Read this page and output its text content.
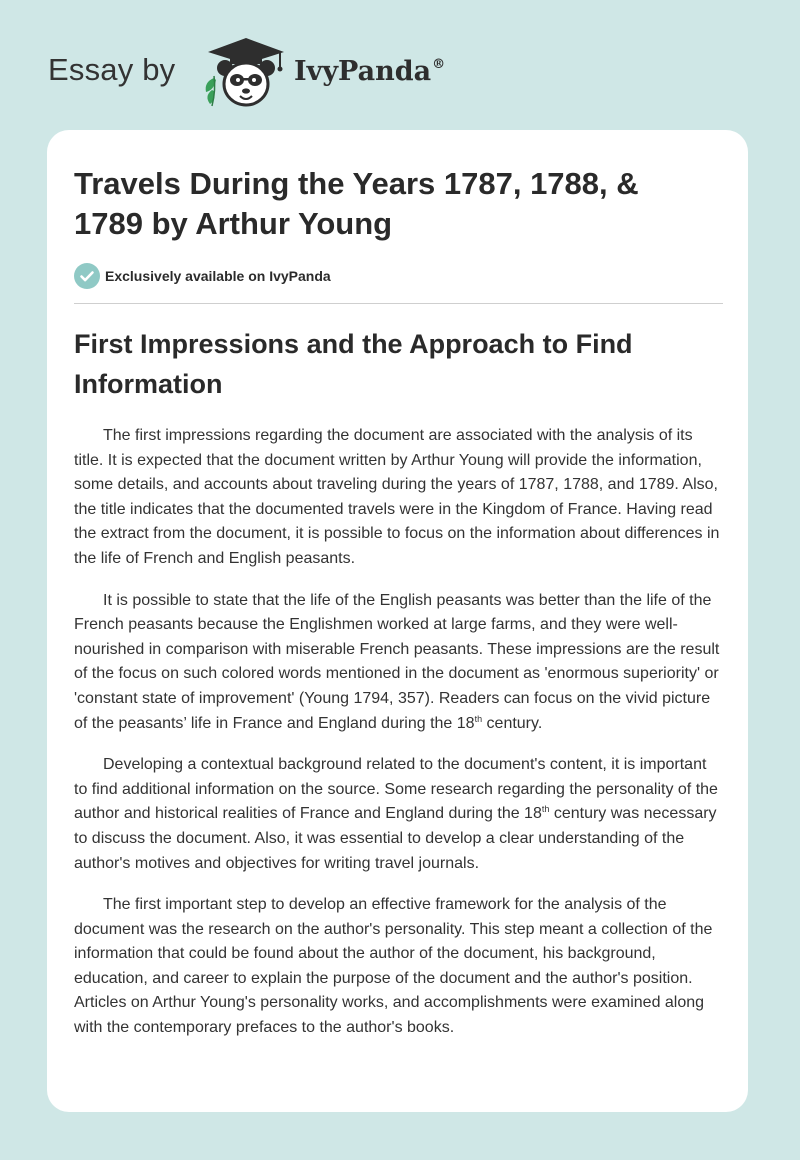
Essay by	IvyPanda®
Travels During the Years 1787, 1788, & 1789 by Arthur Young
Exclusively available on IvyPanda
First Impressions and the Approach to Find Information

The first impressions regarding the document are associated with the analysis of its title. It is expected that the document written by Arthur Young will provide the information, some details, and accounts about traveling during the years of 1787, 1788, and 1789. Also, the title indicates that the documented travels were in the Kingdom of France. Having read the extract from the document, it is possible to focus on the information about differences in the life of French and English peasants.

It is possible to state that the life of the English peasants was better than the life of the French peasants because the Englishmen worked at large farms, and they were well-nourished in comparison with miserable French peasants. These impressions are the result of the focus on such colored words mentioned in the document as 'enormous superiority' or 'constant state of improvement' (Young 1794, 357). Readers can focus on the vivid picture of the peasants’ life in France and England during the 18th century.

Developing a contextual background related to the document's content, it is important to find additional information on the source. Some research regarding the personality of the author and historical realities of France and England during the 18th century was necessary to discuss the document. Also, it was essential to develop a clear understanding of the author's motives and objectives for writing travel journals.

The first important step to develop an effective framework for the analysis of the document was the research on the author's personality. This step meant a collection of the information that could be found about the author of the document, his background, education, and career to explain the purpose of the document and the author's position. Articles on Arthur Young's personality works, and accomplishments were examined along with the contemporary prefaces to the author's books.
